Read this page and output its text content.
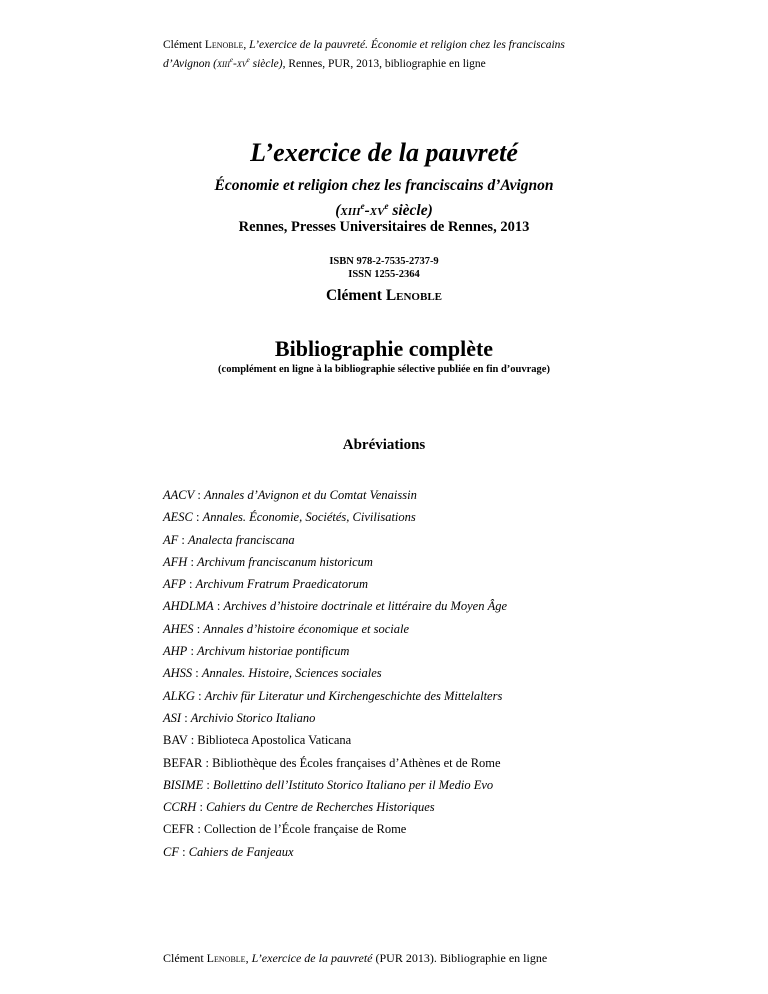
Clément Lenoble, L’exercice de la pauvreté. Économie et religion chez les franciscains d’Avignon ($xiii^e-xv^e$ siècle), Rennes, PUR, 2013, bibliographie en ligne
L’exercice de la pauvreté
Économie et religion chez les franciscains d’Avignon
($xiii^e-xv^e$ siècle)
Rennes, Presses Universitaires de Rennes, 2013
ISBN 978-2-7535-2737-9
ISSN 1255-2364
Clément Lenoble
Bibliographie complète
(complément en ligne à la bibliographie sélective publiée en fin d’ouvrage)
Abréviations
AACV : Annales d’Avignon et du Comtat Venaissin
AESC : Annales. Économie, Sociétés, Civilisations
AF : Analecta franciscana
AFH : Archivum franciscanum historicum
AFP : Archivum Fratrum Praedicatorum
AHDLMA : Archives d’histoire doctrinale et littéraire du Moyen Âge
AHES : Annales d’histoire économique et sociale
AHP : Archivum historiae pontificum
AHSS : Annales. Histoire, Sciences sociales
ALKG : Archiv für Literatur und Kirchengeschichte des Mittelalters
ASI : Archivio Storico Italiano
BAV : Biblioteca Apostolica Vaticana
BEFAR : Bibliothèque des Écoles françaises d’Athènes et de Rome
BISIME : Bollettino dell’Istituto Storico Italiano per il Medio Evo
CCRH : Cahiers du Centre de Recherches Historiques
CEFR : Collection de l’École française de Rome
CF : Cahiers de Fanjeaux
Clément Lenoble, L’exercice de la pauvreté (PUR 2013). Bibliographie en ligne
